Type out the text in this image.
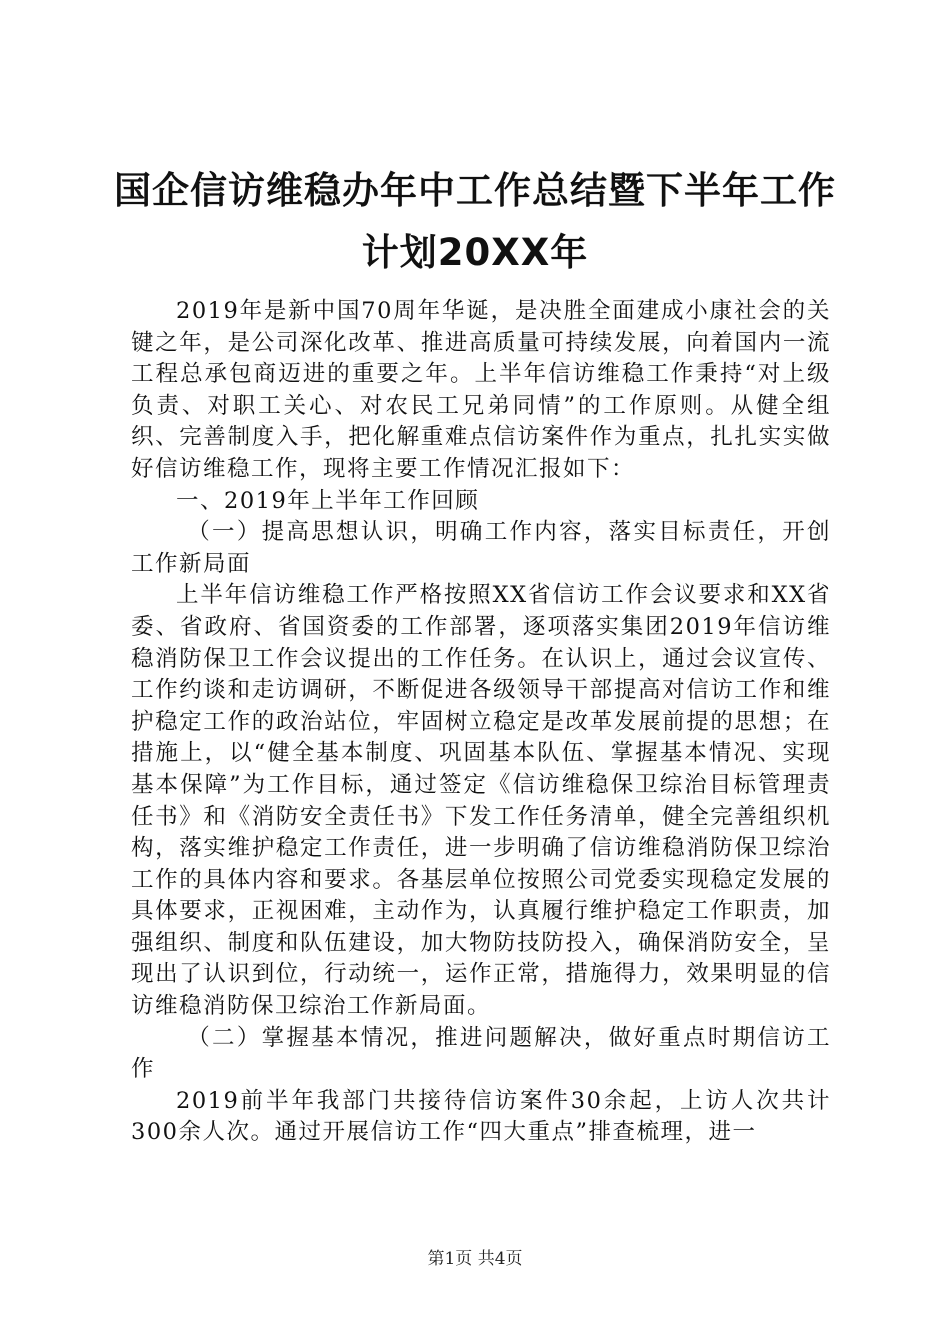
国企信访维稳办年中工作总结暨下半年工作计划20XX年

2019年是新中国70周年华诞，是决胜全面建成小康社会的关键之年，是公司深化改革、推进高质量可持续发展，向着国内一流工程总承包商迈进的重要之年。上半年信访维稳工作秉持“对上级负责、对职工关心、对农民工兄弟同情”的工作原则。从健全组织、完善制度入手，把化解重难点信访案件作为重点，扎扎实实做好信访维稳工作，现将主要工作情况汇报如下：

一、2019年上半年工作回顾

（一）提高思想认识，明确工作内容，落实目标责任，开创工作新局面

上半年信访维稳工作严格按照XX省信访工作会议要求和XX省委、省政府、省国资委的工作部署，逐项落实集团2019年信访维稳消防保卫工作会议提出的工作任务。在认识上，通过会议宣传、工作约谈和走访调研，不断促进各级领导干部提高对信访工作和维护稳定工作的政治站位，牢固树立稳定是改革发展前提的思想；在措施上，以“健全基本制度、巩固基本队伍、掌握基本情况、实现基本保障”为工作目标，通过签定《信访维稳保卫综治目标管理责任书》和《消防安全责任书》下发工作任务清单，健全完善组织机构，落实维护稳定工作责任，进一步明确了信访维稳消防保卫综治工作的具体内容和要求。各基层单位按照公司党委实现稳定发展的具体要求，正视困难，主动作为，认真履行维护稳定工作职责，加强组织、制度和队伍建设，加大物防技防投入，确保消防安全，呈现出了认识到位，行动统一，运作正常，措施得力，效果明显的信访维稳消防保卫综治工作新局面。

（二）掌握基本情况，推进问题解决，做好重点时期信访工作

2019前半年我部门共接待信访案件30余起，上访人次共计300余人次。通过开展信访工作“四大重点”排查梳理，进一

第1页 共4页
